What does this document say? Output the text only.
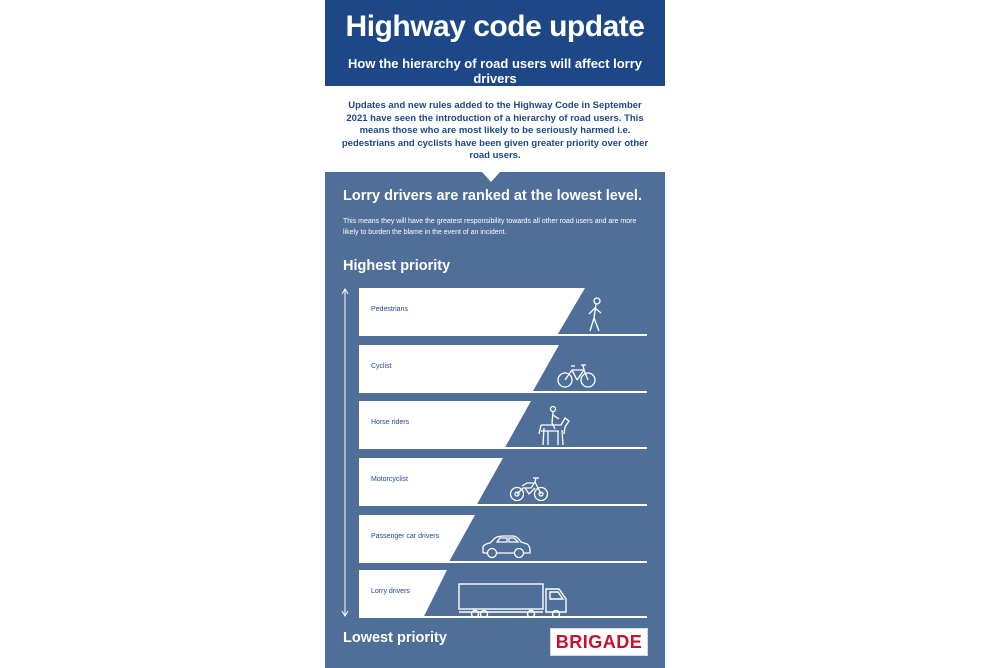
Highway code update
How the hierarchy of road users will affect lorry drivers
Updates and new rules added to the Highway Code in September 2021 have seen the introduction of a hierarchy of road users. This means those who are most likely to be seriously harmed i.e. pedestrians and cyclists have been given greater priority over other road users.
Lorry drivers are ranked at the lowest level.
This means they will have the greatest responsibility towards all other road users and are more likely to burden the blame in the event of an incident.
Highest priority
Pedestrians
Cyclist
Horse riders
Motorcyclist
Passenger car drivers
Lorry drivers
Lowest priority	BRIGADE
